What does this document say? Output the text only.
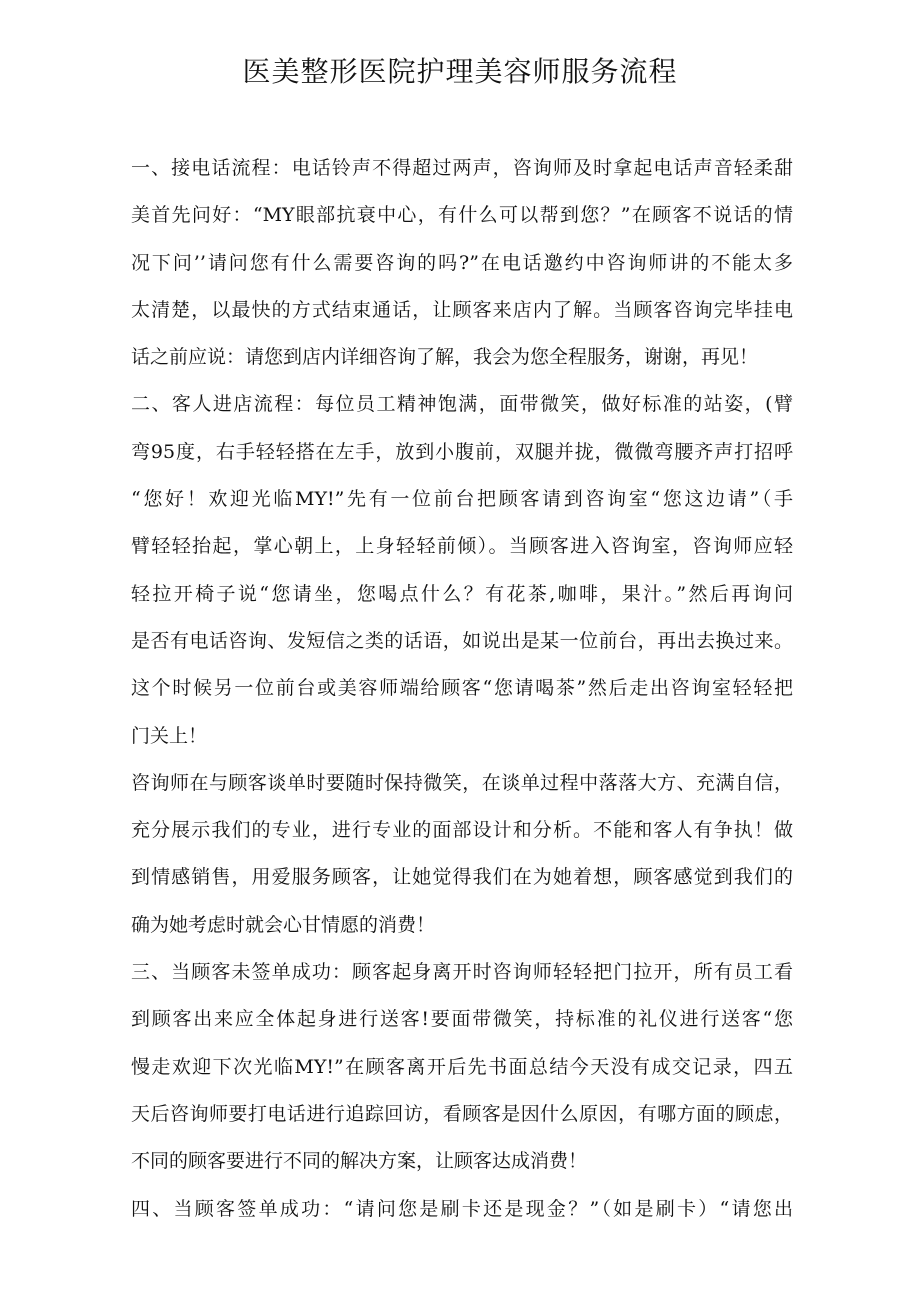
医美整形医院护理美容师服务流程
一、接电话流程：电话铃声不得超过两声，咨询师及时拿起电话声音轻柔甜
美首先问好：“MY眼部抗衰中心，有什么可以帮到您？”在顾客不说话的情
况下问’’请问您有什么需要咨询的吗?”在电话邀约中咨询师讲的不能太多
太清楚，以最快的方式结束通话，让顾客来店内了解。当顾客咨询完毕挂电
话之前应说：请您到店内详细咨询了解，我会为您全程服务，谢谢，再见！
二、客人进店流程：每位员工精神饱满，面带微笑，做好标准的站姿，(臂
弯95度，右手轻轻搭在左手，放到小腹前，双腿并拢，微微弯腰齐声打招呼
“您好！欢迎光临MY!”先有一位前台把顾客请到咨询室“您这边请”（手
臂轻轻抬起，掌心朝上，上身轻轻前倾）。当顾客进入咨询室，咨询师应轻
轻拉开椅子说“您请坐，您喝点什么？有花茶,咖啡，果汁。”然后再询问
是否有电话咨询、发短信之类的话语，如说出是某一位前台，再出去换过来。
这个时候另一位前台或美容师端给顾客“您请喝茶”然后走出咨询室轻轻把
门关上！
咨询师在与顾客谈单时要随时保持微笑，在谈单过程中落落大方、充满自信，
充分展示我们的专业，进行专业的面部设计和分析。不能和客人有争执！做
到情感销售，用爱服务顾客，让她觉得我们在为她着想，顾客感觉到我们的
确为她考虑时就会心甘情愿的消费！
三、当顾客未签单成功：顾客起身离开时咨询师轻轻把门拉开，所有员工看
到顾客出来应全体起身进行送客!要面带微笑，持标准的礼仪进行送客“您
慢走欢迎下次光临MY!”在顾客离开后先书面总结今天没有成交记录，四五
天后咨询师要打电话进行追踪回访，看顾客是因什么原因，有哪方面的顾虑，
不同的顾客要进行不同的解决方案，让顾客达成消费！
四、当顾客签单成功：“请问您是刷卡还是现金？”（如是刷卡）“请您出
